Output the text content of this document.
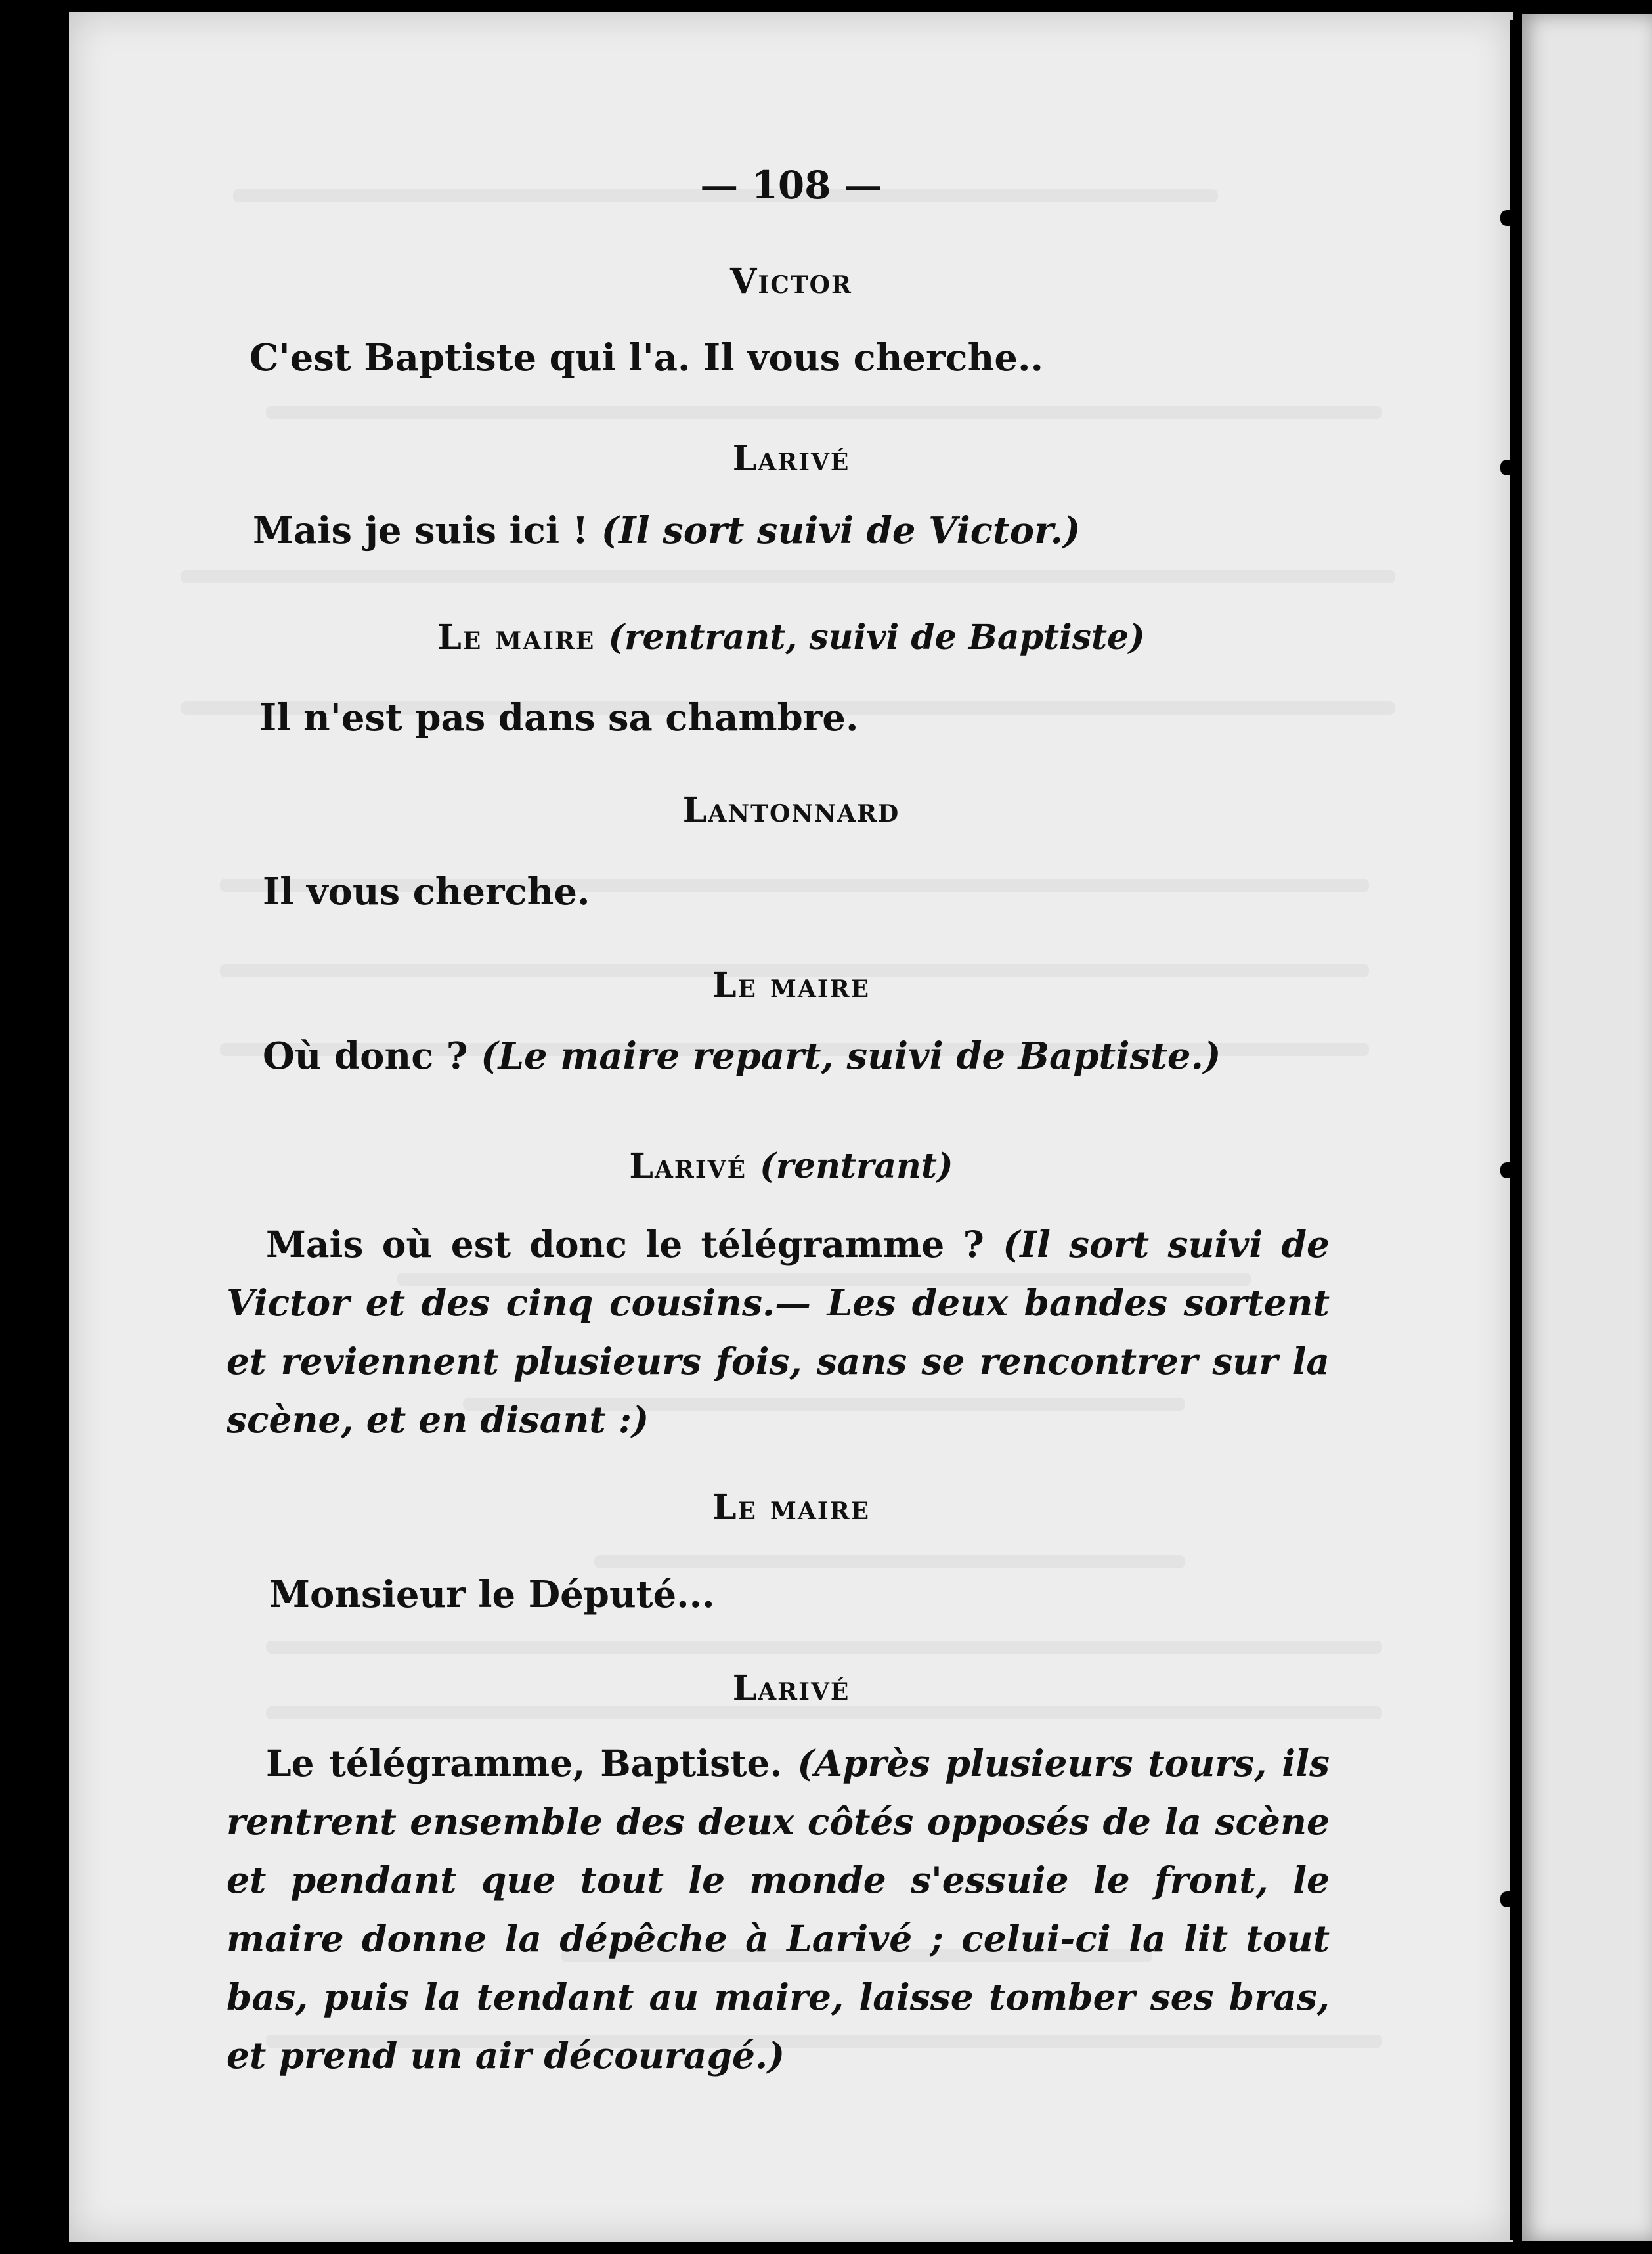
— 108 —
Victor
C'est Baptiste qui l'a. Il vous cherche..
Larivé
Mais je suis ici ! (Il sort suivi de Victor.)
Le maire (rentrant, suivi de Baptiste)
Il n'est pas dans sa chambre.
Lantonnard
Il vous cherche.
Le maire
Où donc ? (Le maire repart, suivi de Baptiste.)
Larivé (rentrant)
Mais où est donc le télégramme ? (Il sort suivi de Victor et des cinq cousins.— Les deux bandes sortent et reviennent plusieurs fois, sans se rencontrer sur la scène, et en disant :)
Le maire
Monsieur le Député...
Larivé
Le télégramme, Baptiste. (Après plusieurs tours, ils rentrent ensemble des deux côtés opposés de la scène et pendant que tout le monde s'essuie le front, le maire donne la dépêche à Larivé ; celui-ci la lit tout bas, puis la tendant au maire, laisse tomber ses bras, et prend un air découragé.)
